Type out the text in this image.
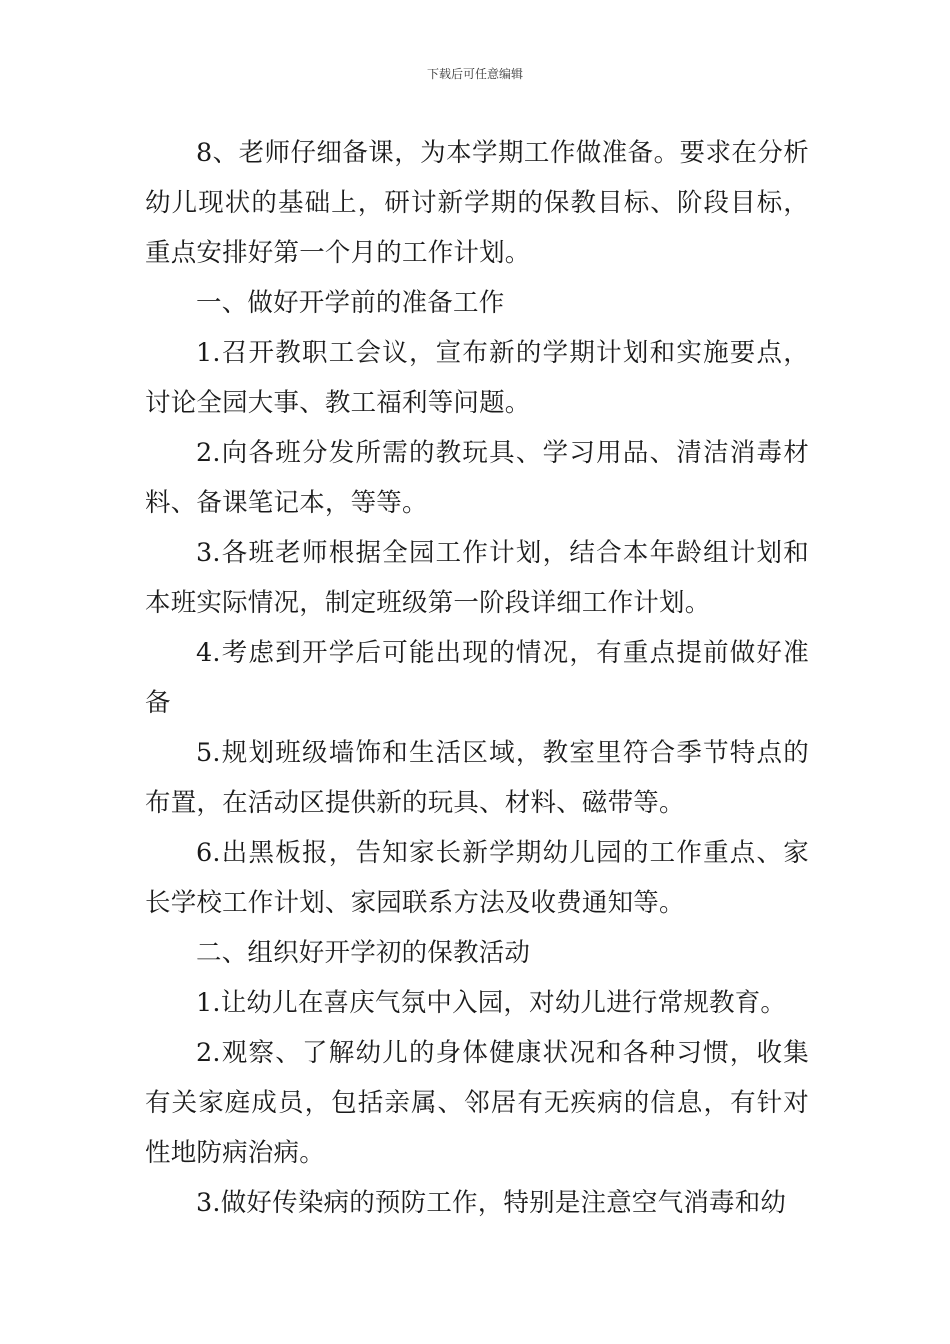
下载后可任意编辑

8、老师仔细备课，为本学期工作做准备。要求在分析幼儿现状的基础上，研讨新学期的保教目标、阶段目标，重点安排好第一个月的工作计划。

一、做好开学前的准备工作

1.召开教职工会议，宣布新的学期计划和实施要点，讨论全园大事、教工福利等问题。

2.向各班分发所需的教玩具、学习用品、清洁消毒材料、备课笔记本，等等。

3.各班老师根据全园工作计划，结合本年龄组计划和本班实际情况，制定班级第一阶段详细工作计划。

4.考虑到开学后可能出现的情况，有重点提前做好准备

5.规划班级墙饰和生活区域，教室里符合季节特点的布置，在活动区提供新的玩具、材料、磁带等。

6.出黑板报，告知家长新学期幼儿园的工作重点、家长学校工作计划、家园联系方法及收费通知等。

二、组织好开学初的保教活动

1.让幼儿在喜庆气氛中入园，对幼儿进行常规教育。

2.观察、了解幼儿的身体健康状况和各种习惯，收集有关家庭成员，包括亲属、邻居有无疾病的信息，有针对性地防病治病。

3.做好传染病的预防工作，特别是注意空气消毒和幼
